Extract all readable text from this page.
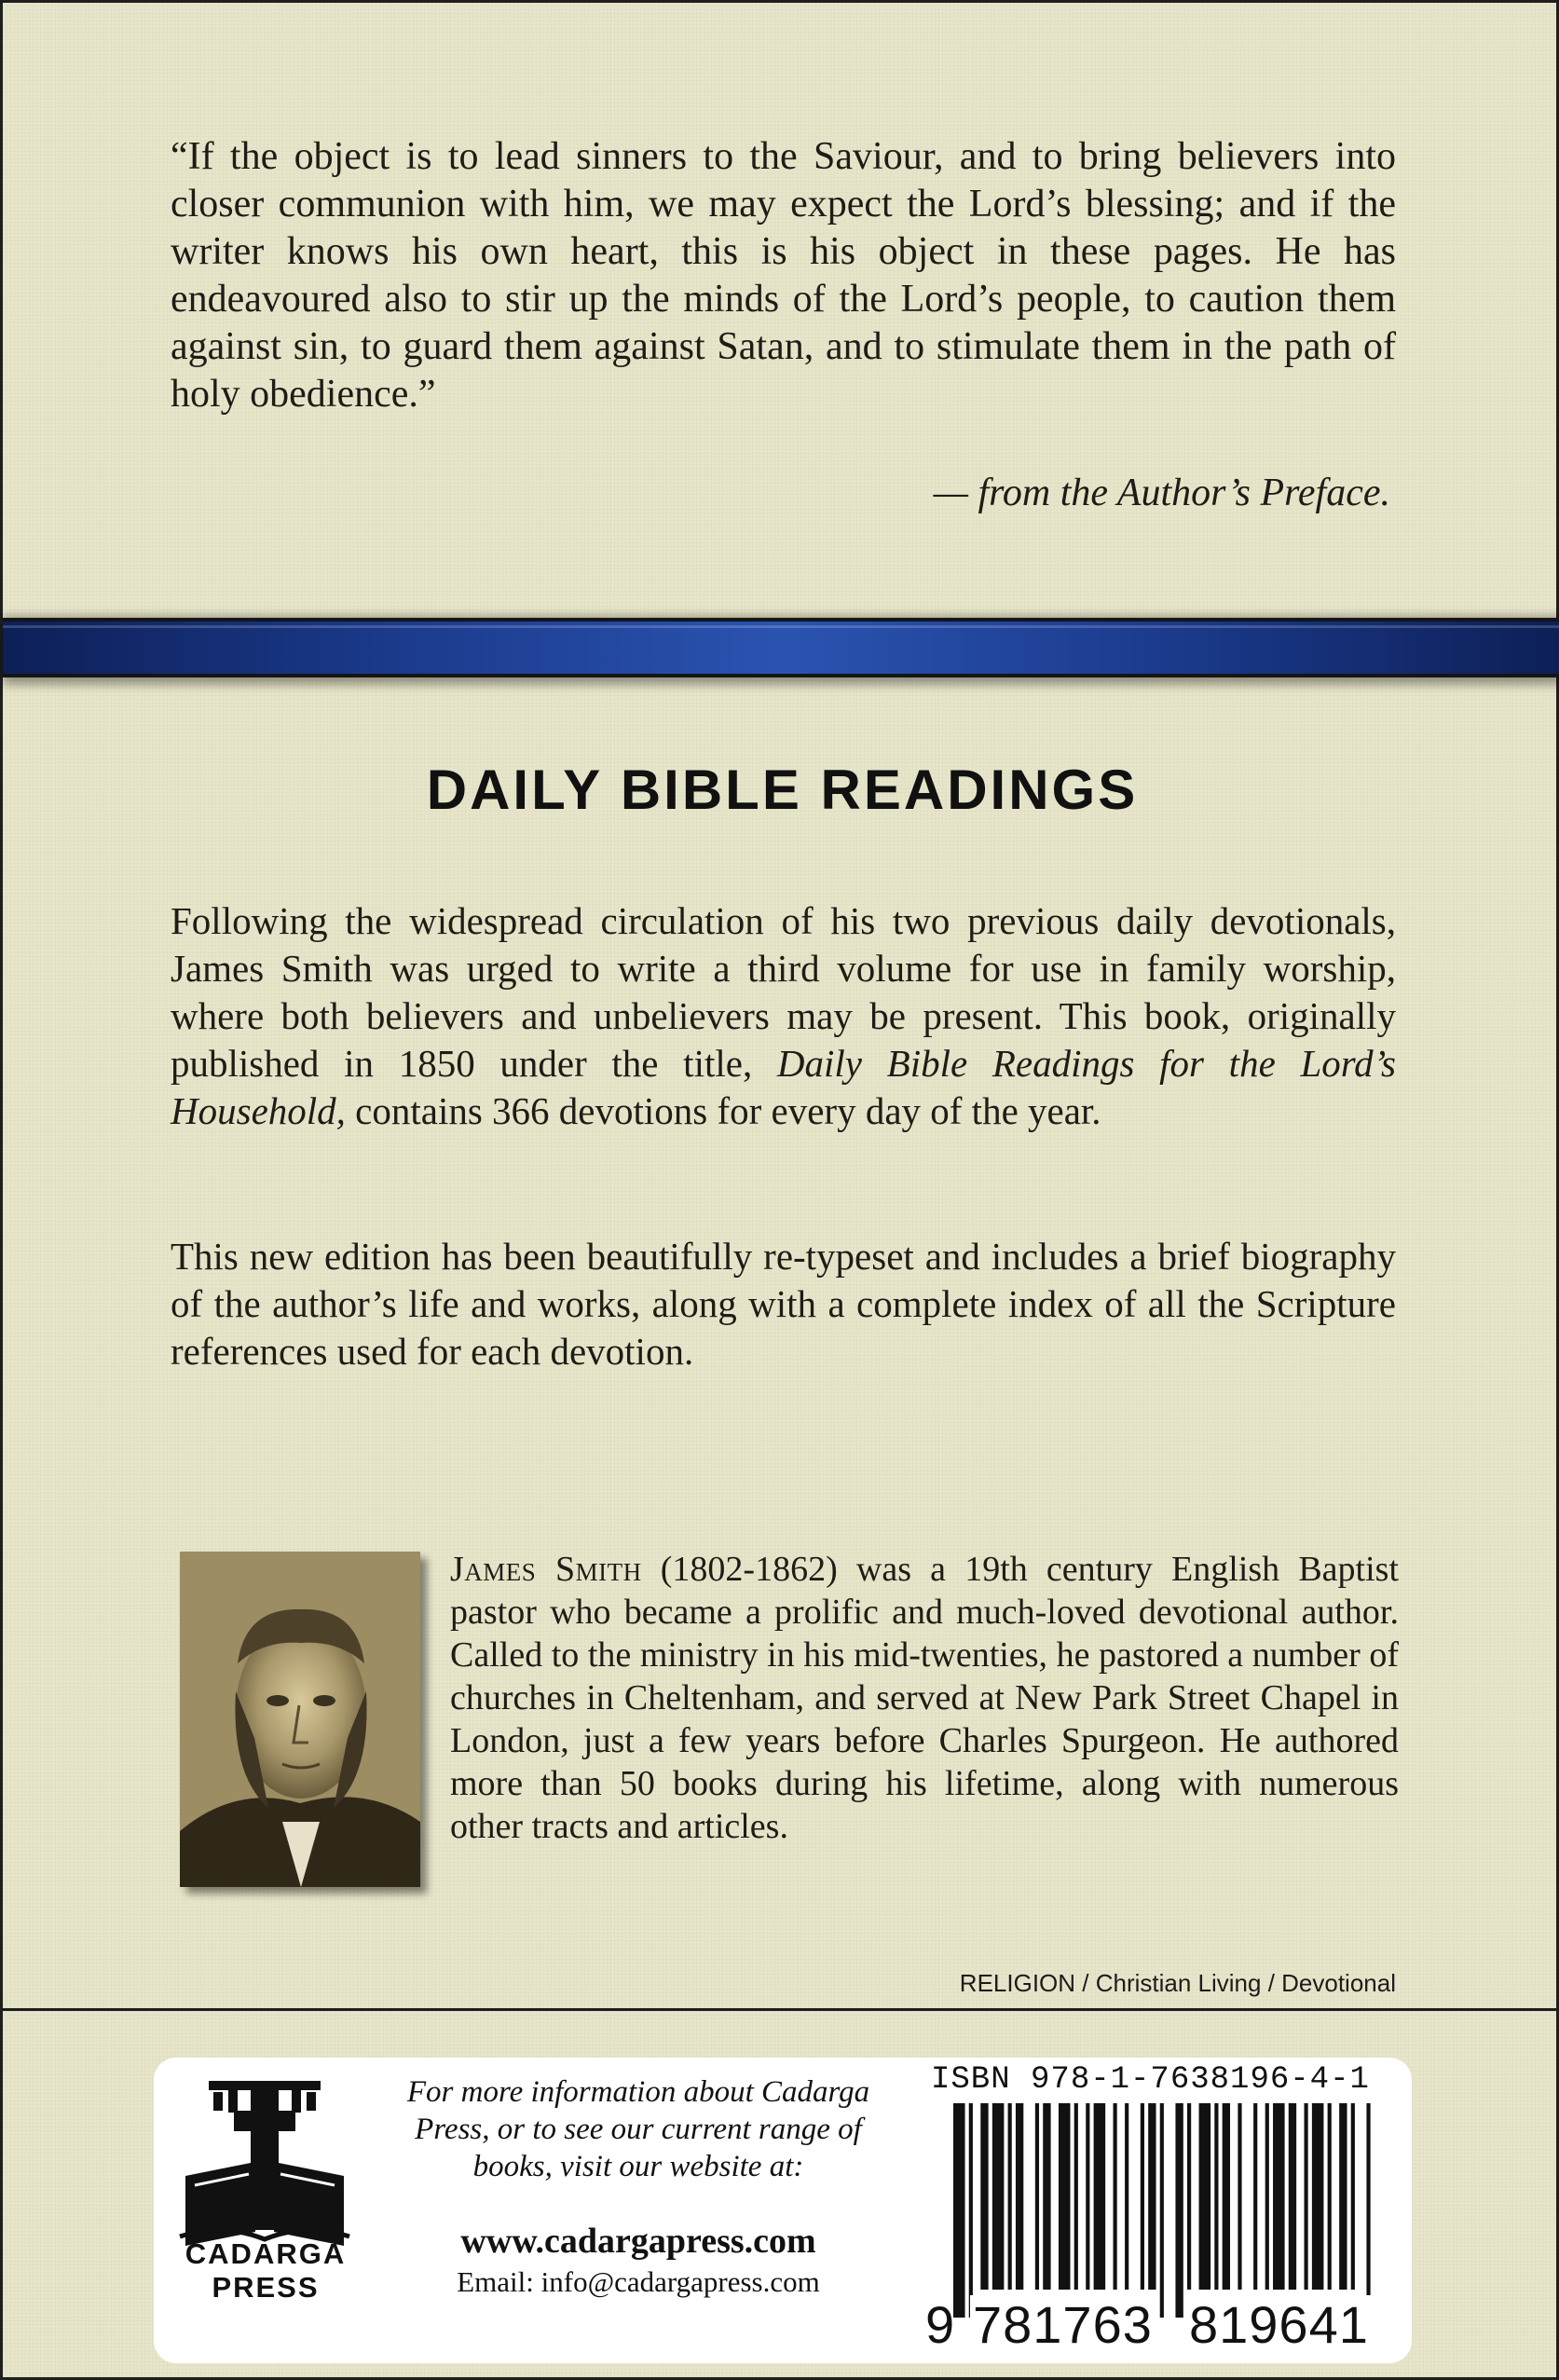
“If the object is to lead sinners to the Saviour, and to bring believers into closer communion with him, we may expect the Lord’s blessing; and if the writer knows his own heart, this is his object in these pages. He has endeavoured also to stir up the minds of the Lord’s people, to caution them against sin, to guard them against Satan, and to stimulate them in the path of holy obedience.”
— from the Author’s Preface.
DAILY BIBLE READINGS
Following the widespread circulation of his two previous daily devotionals, James Smith was urged to write a third volume for use in family worship, where both believers and unbelievers may be present. This book, originally published in 1850 under the title, Daily Bible Readings for the Lord’s Household, contains 366 devotions for every day of the year.
This new edition has been beautifully re-typeset and includes a brief biography of the author’s life and works, along with a complete index of all the Scripture references used for each devotion.
James Smith (1802-1862) was a 19th century English Baptist pastor who became a prolific and much-loved devotional author. Called to the ministry in his mid-twenties, he pastored a number of churches in Cheltenham, and served at New Park Street Chapel in London, just a few years before Charles Spurgeon. He authored more than 50 books during his lifetime, along with numerous other tracts and articles.
RELIGION / Christian Living / Devotional
CADARGA
PRESS
For more information about Cadarga Press, or to see our current range of books, visit our website at:
www.cadargapress.com
Email: info@cadargapress.com
ISBN 978-1-7638196-4-1
9 781763 819641
